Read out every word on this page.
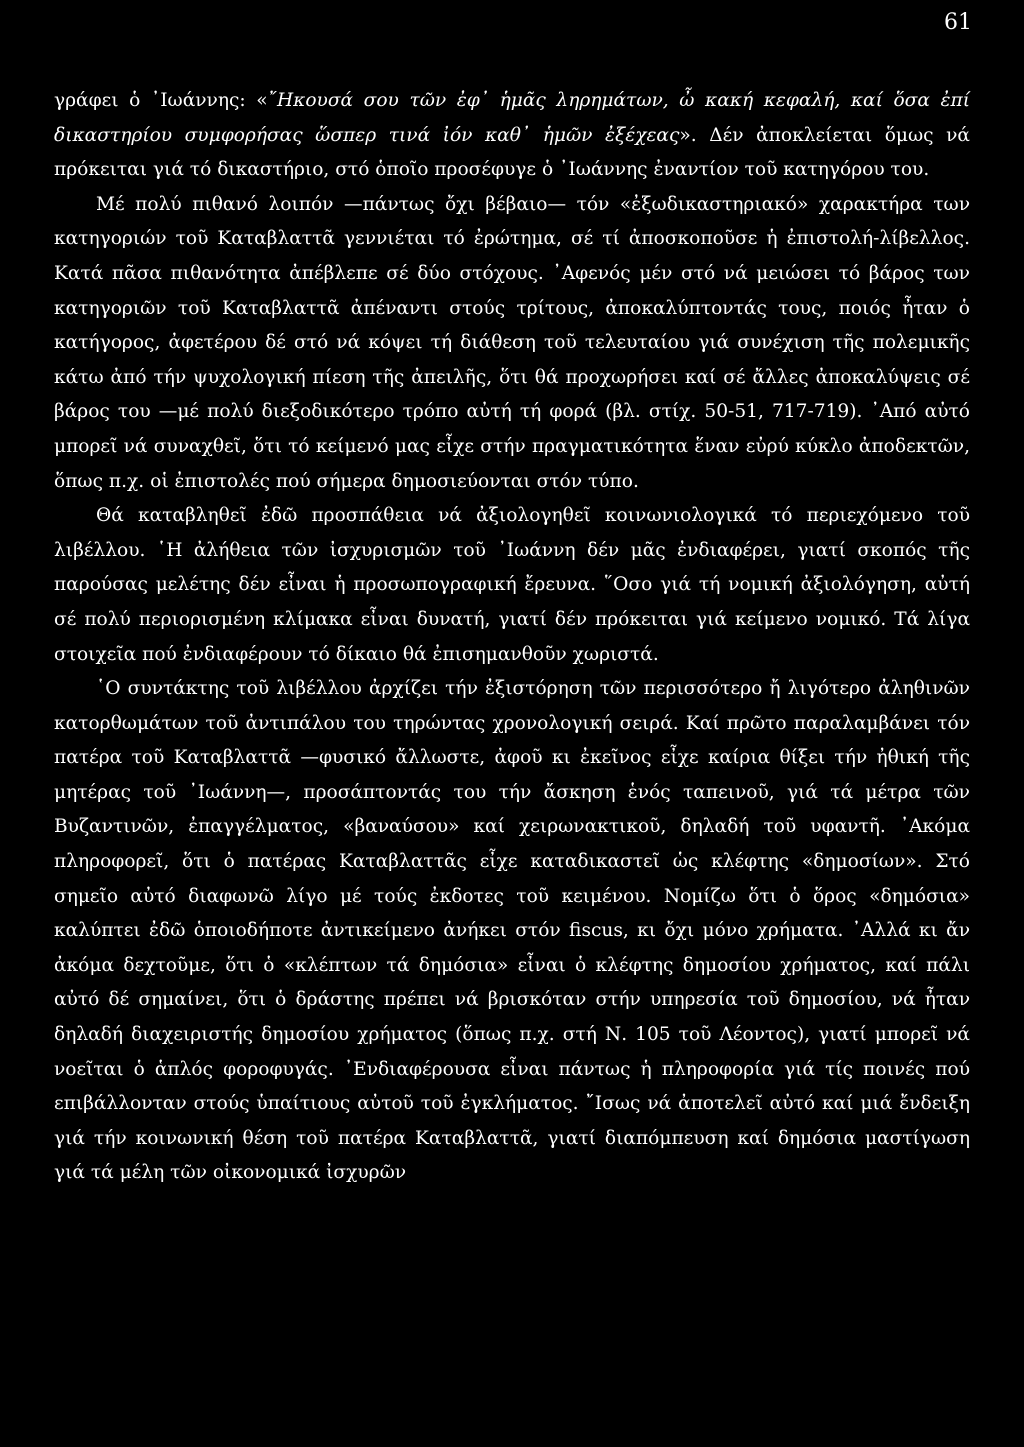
61

γράφει ὁ ᾿Ιωάννης: «῎Ηκουσά σου τῶν ἐφ᾿ ἡμᾶς ληρημάτων, ὦ κακή κεφαλή, καί ὅσα ἐπί δικαστηρίου συμφορήσας ὥσπερ τινά ἰόν καθ᾿ ἡμῶν ἐξέχεας». Δέν ἀποκλείεται ὅμως νά πρόκειται γιά τό δικαστήριο, στό ὁποῖο προσέφυγε ὁ ᾿Ιωάννης ἐναντίον τοῦ κατηγόρου του.

Μέ πολύ πιθανό λοιπόν —πάντως ὄχι βέβαιο— τόν «ἐξωδικαστηριακό» χαρακτήρα των κατηγοριών τοῦ Καταβλαττᾶ γεννιέται τό ἐρώτημα, σέ τί ἀποσκοποῦσε ἡ ἐπιστολή-λίβελλος. Κατά πᾶσα πιθανότητα ἀπέβλεπε σέ δύο στόχους. ᾿Αφενός μέν στό νά μειώσει τό βάρος των κατηγοριῶν τοῦ Καταβλαττᾶ ἀπέναντι στούς τρίτους, ἀποκαλύπτοντάς τους, ποιός ἦταν ὁ κατήγορος, ἀφετέρου δέ στό νά κόψει τή διάθεση τοῦ τελευταίου γιά συνέχιση τῆς πολεμικῆς κάτω ἀπό τήν ψυχολογική πίεση τῆς ἀπειλῆς, ὅτι θά προχωρήσει καί σέ ἄλλες ἀποκαλύψεις σέ βάρος του —μέ πολύ διεξοδικότερο τρόπο αὐτή τή φορά (βλ. στίχ. 50-51, 717-719). ᾿Από αὐτό μπορεῖ νά συναχθεῖ, ὅτι τό κείμενό μας εἶχε στήν πραγματικότητα ἕναν εὐρύ κύκλο ἀποδεκτῶν, ὅπως π.χ. οἱ ἐπιστολές πού σήμερα δημοσιεύονται στόν τύπο.

Θά καταβληθεῖ ἐδῶ προσπάθεια νά ἀξιολογηθεῖ κοινωνιολογικά τό περιεχόμενο τοῦ λιβέλλου. ῾Η ἀλήθεια τῶν ἰσχυρισμῶν τοῦ ᾿Ιωάννη δέν μᾶς ἐνδιαφέρει, γιατί σκοπός τῆς παρούσας μελέτης δέν εἶναι ἡ προσωπογραφική ἔρευνα. ῞Οσο γιά τή νομική ἀξιολόγηση, αὐτή σέ πολύ περιορισμένη κλίμακα εἶναι δυνατή, γιατί δέν πρόκειται γιά κείμενο νομικό. Τά λίγα στοιχεῖα πού ἐνδιαφέρουν τό δίκαιο θά ἐπισημανθοῦν χωριστά.

῾Ο συντάκτης τοῦ λιβέλλου ἀρχίζει τήν ἐξιστόρηση τῶν περισσότερο ἤ λιγότερο ἀληθινῶν κατορθωμάτων τοῦ ἀντιπάλου του τηρώντας χρονολογική σειρά. Καί πρῶτο παραλαμβάνει τόν πατέρα τοῦ Καταβλαττᾶ —φυσικό ἄλλωστε, ἀφοῦ κι ἐκεῖνος εἶχε καίρια θίξει τήν ἠθική τῆς μητέρας τοῦ ᾿Ιωάννη—, προσάπτοντάς του τήν ἄσκηση ἑνός ταπεινοῦ, γιά τά μέτρα τῶν Βυζαντινῶν, ἐπαγγέλματος, «βαναύσου» καί χειρωνακτικοῦ, δηλαδή τοῦ υφαντῆ. ᾿Ακόμα πληροφορεῖ, ὅτι ὁ πατέρας Καταβλαττᾶς εἶχε καταδικαστεῖ ὡς κλέφτης «δημοσίων». Στό σημεῖο αὐτό διαφωνῶ λίγο μέ τούς ἐκδοτες τοῦ κειμένου. Νομίζω ὅτι ὁ ὅρος «δημόσια» καλύπτει ἐδῶ ὁποιοδήποτε ἀντικείμενο ἀνήκει στόν fiscus, κι ὄχι μόνο χρήματα. ᾿Αλλά κι ἄν ἀκόμα δεχτοῦμε, ὅτι ὁ «κλέπτων τά δημόσια» εἶναι ὁ κλέφτης δημοσίου χρήματος, καί πάλι αὐτό δέ σημαίνει, ὅτι ὁ δράστης πρέπει νά βρισκόταν στήν υπηρεσία τοῦ δημοσίου, νά ἦταν δηλαδή διαχειριστής δημοσίου χρήματος (ὅπως π.χ. στή Ν. 105 τοῦ Λέοντος), γιατί μπορεῖ νά νοεῖται ὁ ἁπλός φοροφυγάς. ᾿Ενδιαφέρουσα εἶναι πάντως ἡ πληροφορία γιά τίς ποινές πού επιβάλλονταν στούς ὑπαίτιους αὐτοῦ τοῦ ἐγκλήματος. ῎Ισως νά ἀποτελεῖ αὐτό καί μιά ἔνδειξη γιά τήν κοινωνική θέση τοῦ πατέρα Καταβλαττᾶ, γιατί διαπόμπευση καί δημόσια μαστίγωση γιά τά μέλη τῶν οἰκονομικά ἰσχυρῶν
